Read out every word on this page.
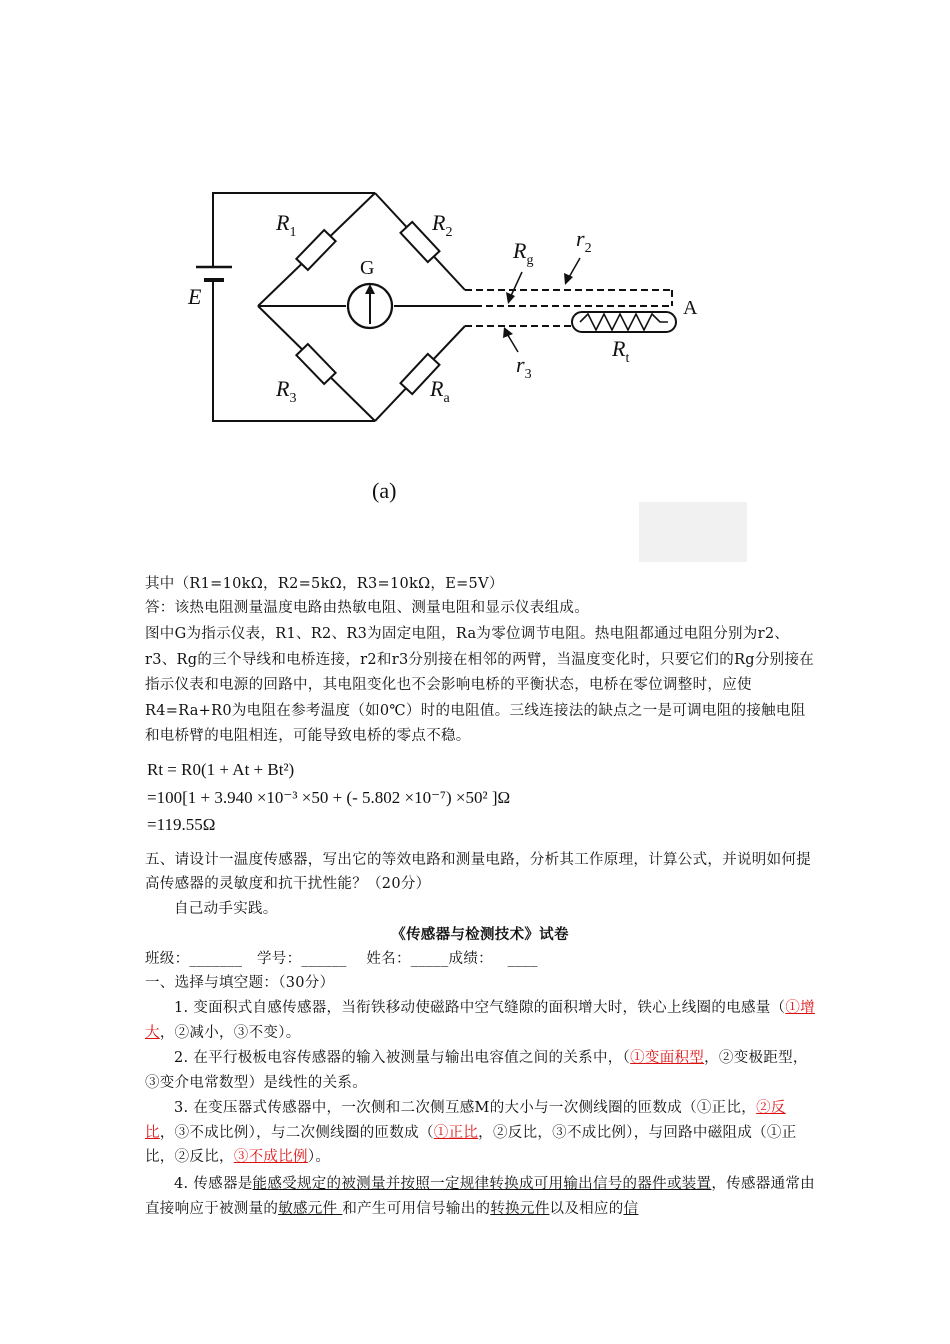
$R_1$	$R_2$
$R_3$	$R_a$
E
$R_g$
$r_2$
$r_3$
$R_t$
G
A
(a)
其中（R1=10kΩ，R2=5kΩ，R3=10kΩ，E=5V）
答：该热电阻测量温度电路由热敏电阻、测量电阻和显示仪表组成。
图中G为指示仪表，R1、R2、R3为固定电阻，Ra为零位调节电阻。热电阻都通过电阻分别为r2、r3、Rg的三个导线和电桥连接，r2和r3分别接在相邻的两臂，当温度变化时，只要它们的Rg分别接在指示仪表和电源的回路中，其电阻变化也不会影响电桥的平衡状态，电桥在零位调整时，应使R4=Ra+R0为电阻在参考温度（如0℃）时的电阻值。三线连接法的缺点之一是可调电阻的接触电阻和电桥臂的电阻相连，可能导致电桥的零点不稳。
Rt = R0(1 + At + Bt²)
=100[1 + 3.940 ×10⁻³ ×50 + (- 5.802 ×10⁻⁷) ×50² ]Ω
=119.55Ω
五、请设计一温度传感器，写出它的等效电路和测量电路，分析其工作原理，计算公式，并说明如何提高传感器的灵敏度和抗干扰性能？（20分）
自己动手实践。
《传感器与检测技术》试卷
班级：_______ 学号：______ 姓名：_____成绩： ____
一、选择与填空题：（30分）
1. 变面积式自感传感器，当衔铁移动使磁路中空气缝隙的面积增大时，铁心上线圈的电感量（①增大，②减小，③不变）。
2. 在平行极板电容传感器的输入被测量与输出电容值之间的关系中，（①变面积型，②变极距型，③变介电常数型）是线性的关系。
3. 在变压器式传感器中，一次侧和二次侧互感M的大小与一次侧线圈的匝数成（①正比，②反比，③不成比例），与二次侧线圈的匝数成（①正比，②反比，③不成比例），与回路中磁阻成（①正比，②反比，③不成比例）。
4. 传感器是能感受规定的被测量并按照一定规律转换成可用输出信号的器件或装置，传感器通常由直接响应于被测量的敏感元件 和产生可用信号输出的转换元件以及相应的信
